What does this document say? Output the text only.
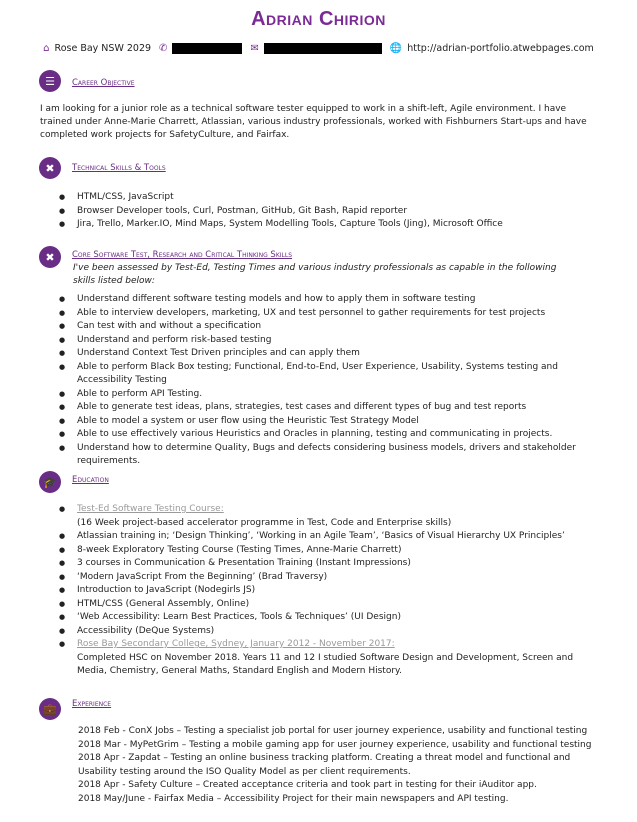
Adrian Chirion
⌂ Rose Bay NSW 2029 ✆	✉	🌐 http://adrian-portfolio.atwebpages.com
☰	Career Objective
I am looking for a junior role as a technical software tester equipped to work in a shift-left, Agile environment. I have trained under Anne-Marie Charrett, Atlassian, various industry professionals, worked with Fishburners Start-ups and have completed work projects for SafetyCulture, and Fairfax.
✖	Technical Skills & Tools
● HTML/CSS, JavaScript
● Browser Developer tools, Curl, Postman, GitHub, Git Bash, Rapid reporter
● Jira, Trello, Marker.IO, Mind Maps, System Modelling Tools, Capture Tools (Jing), Microsoft Office
✖	Core Software Test, Research and Critical Thinking Skills
I've been assessed by Test-Ed, Testing Times and various industry professionals as capable in the following skills listed below:
● Understand different software testing models and how to apply them in software testing
● Able to interview developers, marketing, UX and test personnel to gather requirements for test projects
● Can test with and without a specification
● Understand and perform risk-based testing
● Understand Context Test Driven principles and can apply them
● Able to perform Black Box testing; Functional, End-to-End, User Experience, Usability, Systems testing and Accessibility Testing
● Able to perform API Testing.
● Able to generate test ideas, plans, strategies, test cases and different types of bug and test reports
● Able to model a system or user flow using the Heuristic Test Strategy Model
● Able to use effectively various Heuristics and Oracles in planning, testing and communicating in projects.
● Understand how to determine Quality, Bugs and defects considering business models, drivers and stakeholder requirements.
🎓	Education
● Test-Ed Software Testing Course:
(16 Week project-based accelerator programme in Test, Code and Enterprise skills)
● Atlassian training in; ‘Design Thinking’, ‘Working in an Agile Team’, ‘Basics of Visual Hierarchy UX Principles’
● 8-week Exploratory Testing Course (Testing Times, Anne-Marie Charrett)
● 3 courses in Communication & Presentation Training (Instant Impressions)
● ‘Modern JavaScript From the Beginning’ (Brad Traversy)
● Introduction to JavaScript (Nodegirls JS)
● HTML/CSS (General Assembly, Online)
● ‘Web Accessibility: Learn Best Practices, Tools & Techniques’ (UI Design)
● Accessibility (DeQue Systems)
● Rose Bay Secondary College, Sydney, January 2012 - November 2017:
Completed HSC on November 2018. Years 11 and 12 I studied Software Design and Development, Screen and Media, Chemistry, General Maths, Standard English and Modern History.
💼	Experience
2018 Feb - ConX Jobs – Testing a specialist job portal for user journey experience, usability and functional testing
2018 Mar - MyPetGrim – Testing a mobile gaming app for user journey experience, usability and functional testing
2018 Apr - Zapdat – Testing an online business tracking platform. Creating a threat model and functional and Usability testing around the ISO Quality Model as per client requirements.
2018 Apr - Safety Culture – Created acceptance criteria and took part in testing for their iAuditor app.
2018 May/June - Fairfax Media – Accessibility Project for their main newspapers and API testing.
